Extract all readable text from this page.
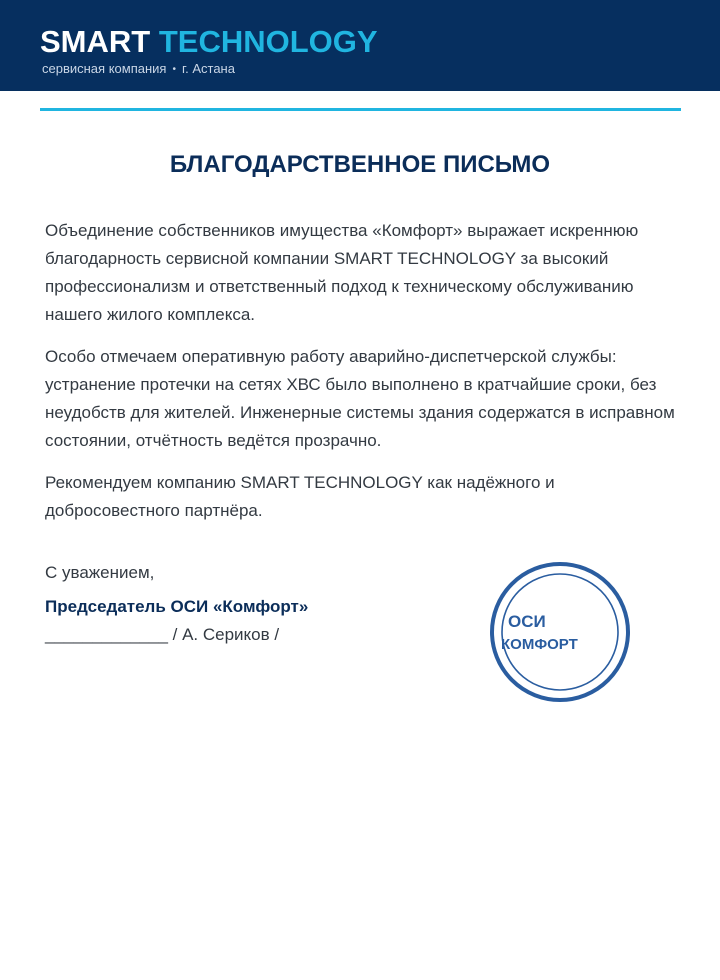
SMART TECHNOLOGY
сервисная компания • г. Астана
БЛАГОДАРСТВЕННОЕ ПИСЬМО

Объединение собственников имущества «Комфорт» выражает искреннюю благодарность сервисной компании SMART TECHNOLOGY за высокий профессионализм и ответственный подход к техническому обслуживанию нашего жилого комплекса.

Особо отмечаем оперативную работу аварийно-диспетчерской службы: устранение протечки на сетях ХВС было выполнено в кратчайшие сроки, без неудобств для жителей. Инженерные системы здания содержатся в исправном состоянии, отчётность ведётся прозрачно.

Рекомендуем компанию SMART TECHNOLOGY как надёжного и добросовестного партнёра.

С уважением,
Председатель ОСИ «Комфорт»
_____________ / А. Сериков /
ОСИ
КОМФОРТ
